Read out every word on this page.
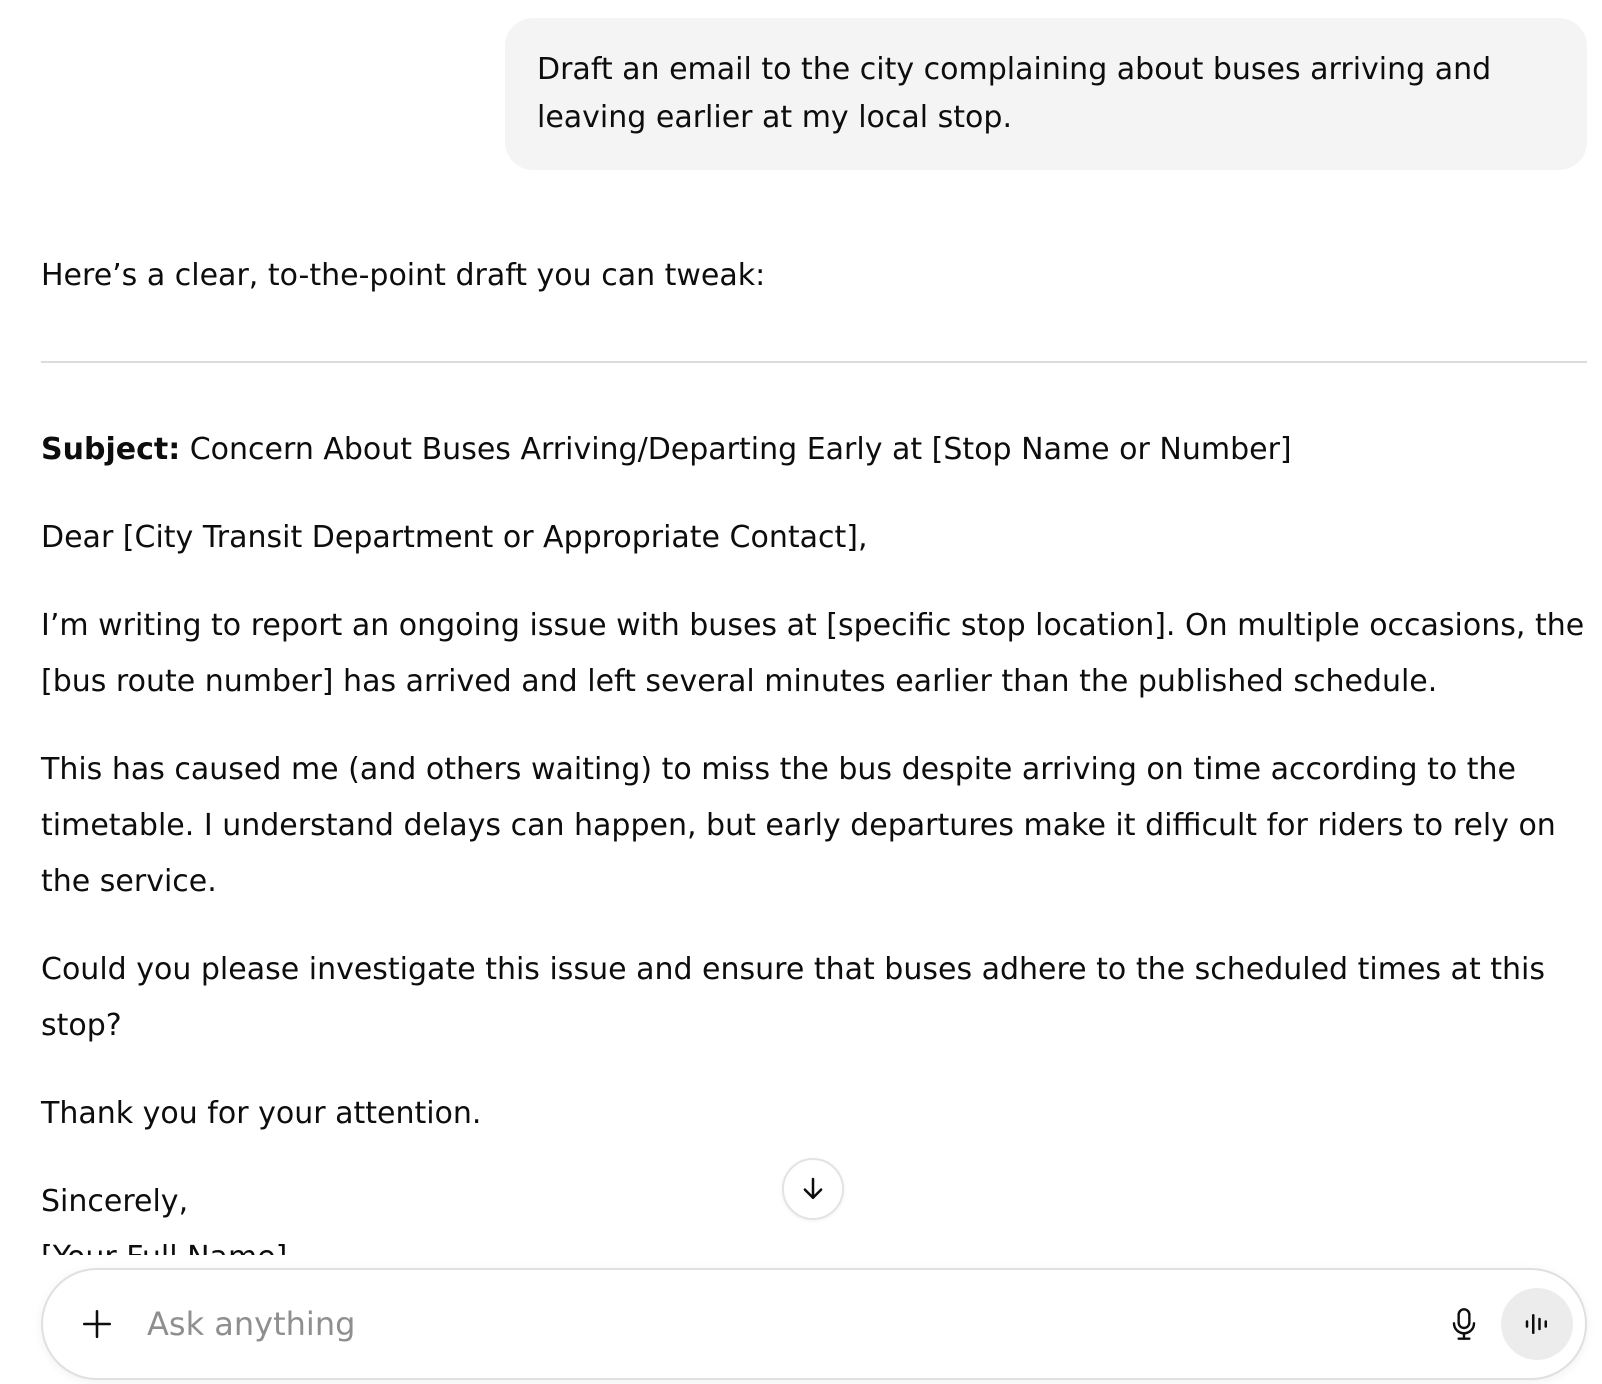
Draft an email to the city complaining about buses arriving and leaving earlier at my local stop.
Here’s a clear, to-the-point draft you can tweak:

Subject: Concern About Buses Arriving/Departing Early at [Stop Name or Number]

Dear [City Transit Department or Appropriate Contact],

I’m writing to report an ongoing issue with buses at [specific stop location]. On multiple occasions, the [bus route number] has arrived and left several minutes earlier than the published schedule.

This has caused me (and others waiting) to miss the bus despite arriving on time according to the timetable. I understand delays can happen, but early departures make it difficult for riders to rely on the service.

Could you please investigate this issue and ensure that buses adhere to the scheduled times at this stop?

Thank you for your attention.

Sincerely,

Ask anything
